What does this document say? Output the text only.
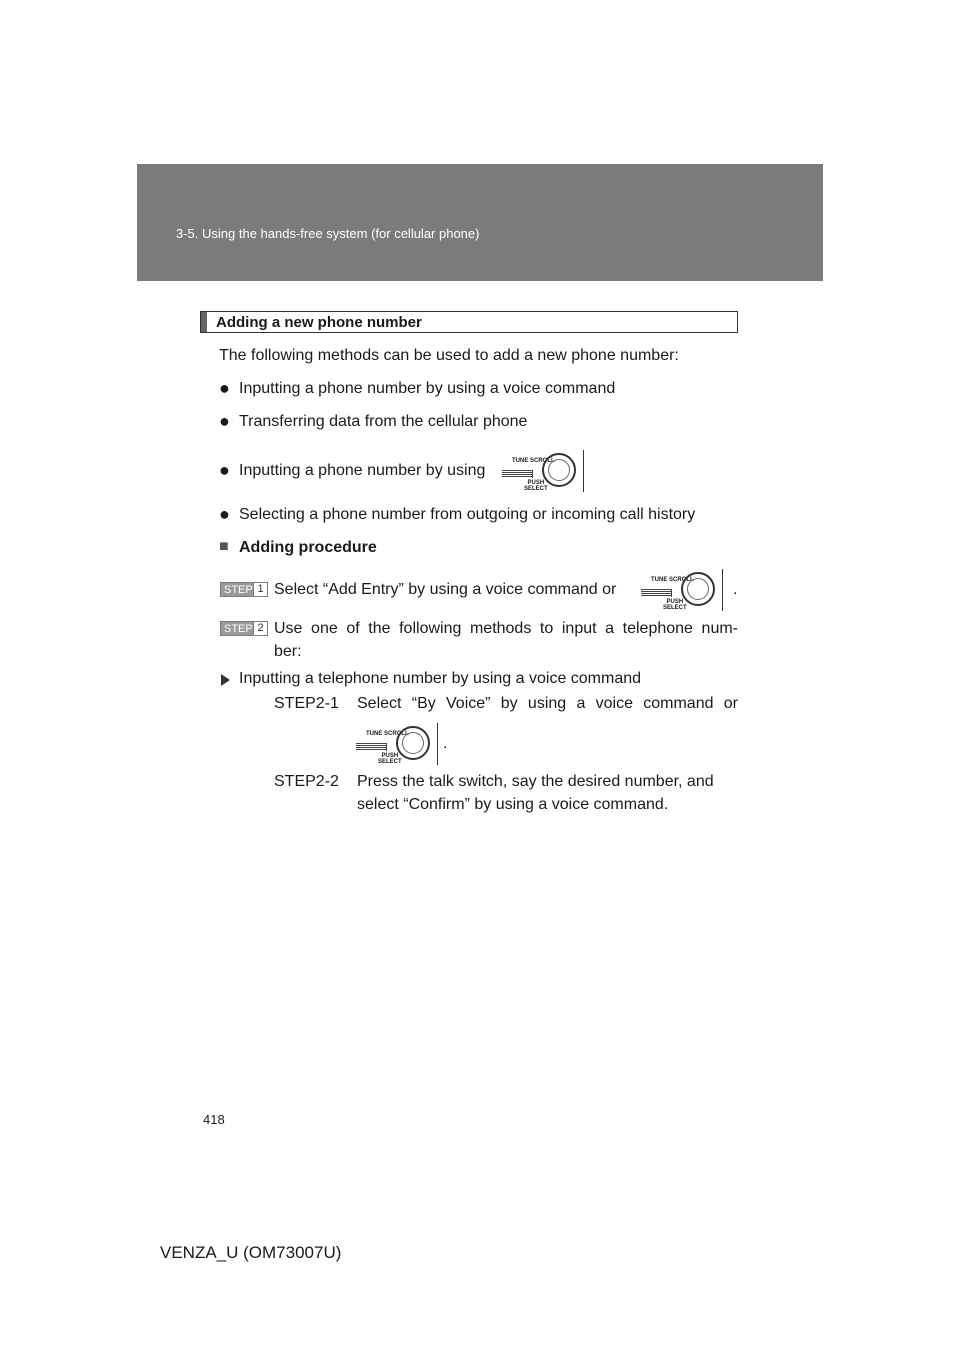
3-5. Using the hands-free system (for cellular phone)
Adding a new phone number
The following methods can be used to add a new phone number:
● Inputting a phone number by using a voice command
● Transferring data from the cellular phone
● Inputting a phone number by using
TUNE SCROLL
PUSH
SELECT
● Selecting a phone number from outgoing or incoming call history
■ Adding procedure
STEP 1 Select “Add Entry” by using a voice command or
TUNE SCROLL
PUSH
SELECT
.
STEP 2 Use one of the following methods to input a telephone num-
ber:
Inputting a telephone number by using a voice command
STEP2-1 Select “By Voice” by using a voice command or
TUNE SCROLL
PUSH
SELECT
.
STEP2-2 Press the talk switch, say the desired number, and
select “Confirm” by using a voice command.
418
VENZA_U (OM73007U)
